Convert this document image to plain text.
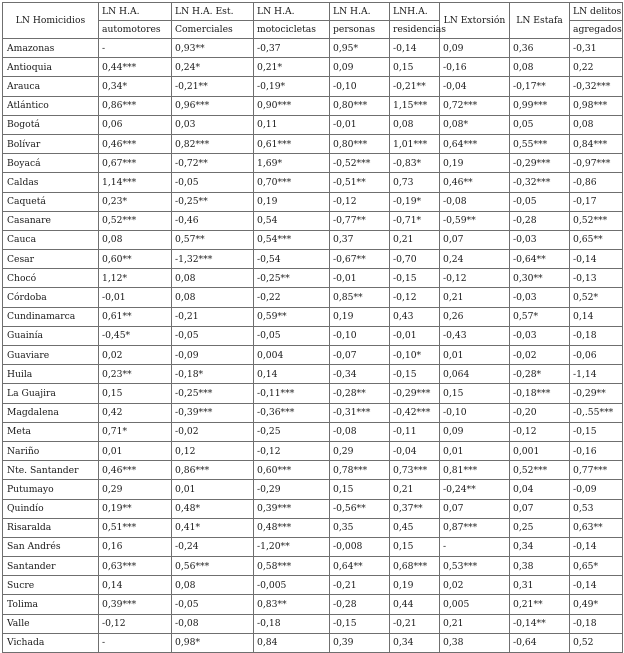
LN Homicidios	LN H.A.	LN H.A. Est.	LN H.A.	LN H.A.	LNH.A.	LN Extorsión	LN Estafa	LN delitos
	automotores	Comerciales	motocicletas	personas	residencias			agregados
Amazonas	-	0,93**	-0,37	0,95*	-0,14	0,09	0,36	-0,31
Antioquia	0,44***	0,24*	0,21*	0,09	0,15	-0,16	0,08	0,22
Arauca	0,34*	-0,21**	-0,19*	-0,10	-0,21**	-0,04	-0,17**	-0,32***
Atlántico	0,86***	0,96***	0,90***	0,80***	1,15***	0,72***	0,99***	0,98***
Bogotá	0,06	0,03	0,11	-0,01	0,08	0,08*	0,05	0,08
Bolívar	0,46***	0,82***	0,61***	0,80***	1,01***	0,64***	0,55***	0,84***
Boyacá	0,67***	-0,72**	1,69*	-0,52***	-0,83*	0,19	-0,29***	-0,97***
Caldas	1,14***	-0,05	0,70***	-0,51**	0,73	0,46**	-0,32***	-0,86
Caquetá	0,23*	-0,25**	0,19	-0,12	-0,19*	-0,08	-0,05	-0,17
Casanare	0,52***	-0,46	0,54	-0,77**	-0,71*	-0,59**	-0,28	0,52***
Cauca	0,08	0,57**	0,54***	0,37	0,21	0,07	-0,03	0,65**
Cesar	0,60**	-1,32***	-0,54	-0,67**	-0,70	0,24	-0,64**	-0,14
Chocó	1,12*	0,08	-0,25**	-0,01	-0,15	-0,12	0,30**	-0,13
Córdoba	-0,01	0,08	-0,22	0,85**	-0,12	0,21	-0,03	0,52*
Cundinamarca	0,61**	-0,21	0,59**	0,19	0,43	0,26	0,57*	0,14
Guainía	-0,45*	-0,05	-0,05	-0,10	-0,01	-0,43	-0,03	-0,18
Guaviare	0,02	-0,09	0,004	-0,07	-0,10*	0,01	-0,02	-0,06
Huila	0,23**	-0,18*	0,14	-0,34	-0,15	0,064	-0,28*	-1,14
La Guajira	0,15	-0,25***	-0,11***	-0,28**	-0,29***	0,15	-0,18***	-0,29**
Magdalena	0,42	-0,39***	-0,36***	-0,31***	-0,42***	-0,10	-0,20	-0,.55***
Meta	0,71*	-0,02	-0,25	-0,08	-0,11	0,09	-0,12	-0,15
Nariño	0,01	0,12	-0,12	0,29	-0,04	0,01	0,001	-0,16
Nte. Santander	0,46***	0,86***	0,60***	0,78***	0,73***	0,81***	0,52***	0,77***
Putumayo	0,29	0,01	-0,29	0,15	0,21	-0,24**	0,04	-0,09
Quindío	0,19**	0,48*	0,39***	-0,56**	0,37**	0,07	0,07	0,53
Risaralda	0,51***	0,41*	0,48***	0,35	0,45	0,87***	0,25	0,63**
San Andrés	0,16	-0,24	-1,20**	-0,008	0,15	-	0,34	-0,14
Santander	0,63***	0,56***	0,58***	0,64**	0,68***	0,53***	0,38	0,65*
Sucre	0,14	0,08	-0,005	-0,21	0,19	0,02	0,31	-0,14
Tolima	0,39***	-0,05	0,83**	-0,28	0,44	0,005	0,21**	0,49*
Valle	-0,12	-0,08	-0,18	-0,15	-0,21	0,21	-0,14**	-0,18
Vichada	-	0,98*	0,84	0,39	0,34	0,38	-0,64	0,52
